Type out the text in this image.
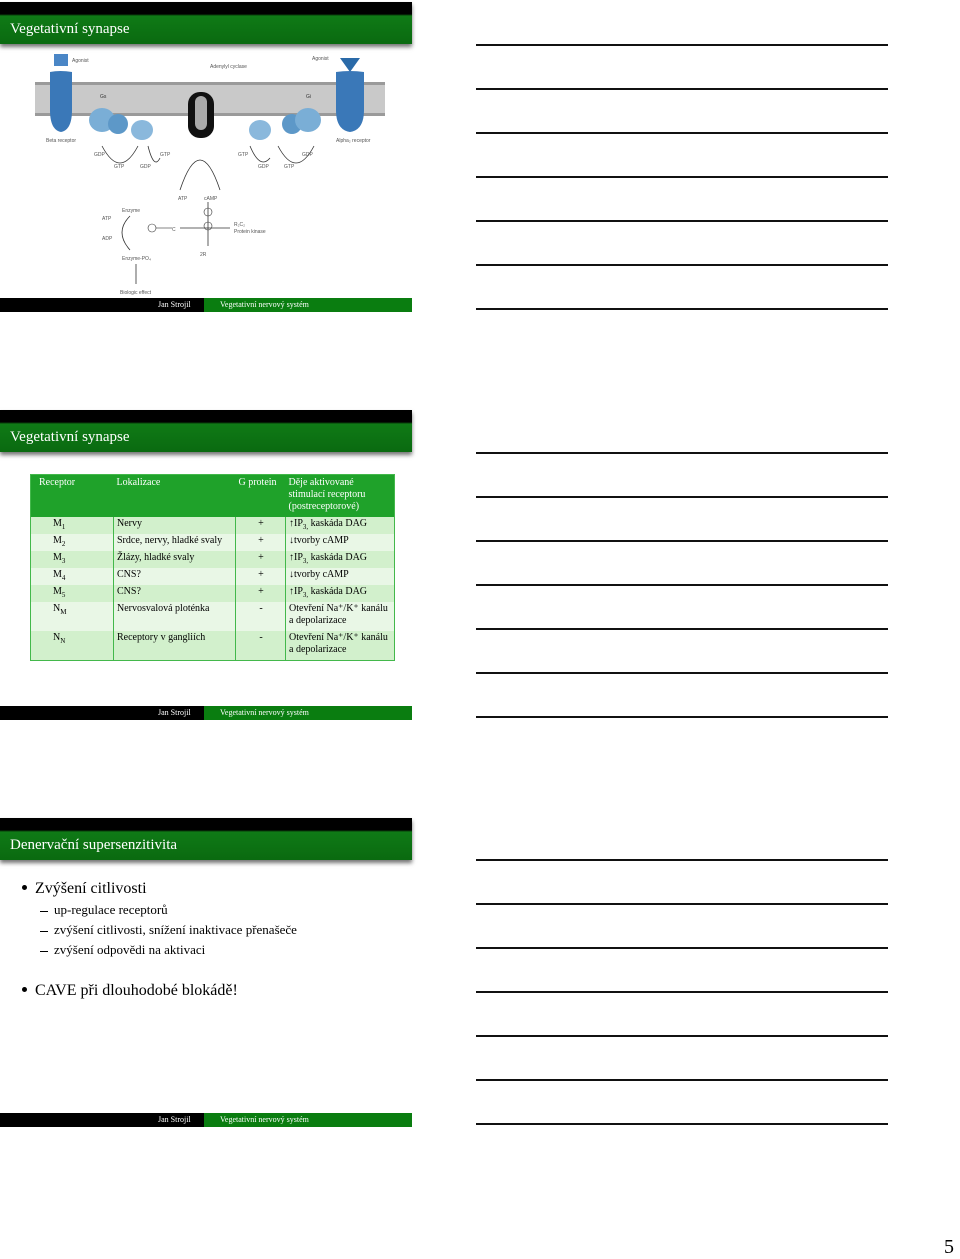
Vegetativní synapse
Agonist
Beta receptor
Gs
Adenylyl cyclase
Gi
Agonist
Alpha₂ receptor
GDP
GTP	GDP
GTP	GTP
GDP	GTP
GDP
ATP	cAMP
C
R₂C₂
Protein kinase
2R
Enzyme
ATP
ADP
Enzyme-PO₄
Biologic effect
Jan Strojil	Vegetativní nervový systém
Vegetativní synapse
Receptor	Lokalizace	G protein	Děje aktivované stimulací receptoru (postreceptorové)
$M_1$	Nervy	+	$↑IP_{3,}$ kaskáda DAG
$M_2$	Srdce, nervy, hladké svaly	+	↓tvorby cAMP
$M_3$	Žlázy, hladké svaly	+	$↑IP_{3,}$ kaskáda DAG
$M_4$	CNS?	+	↓tvorby cAMP
$M_5$	CNS?	+	$↑IP_{3,}$ kaskáda DAG
$N_M$	Nervosvalová ploténka	-	Otevření Na⁺/K⁺ kanálu a depolarizace
$N_N$	Receptory v gangliích	-	Otevření Na⁺/K⁺ kanálu a depolarizace
Jan Strojil	Vegetativní nervový systém
Denervační supersenzitivita
Zvýšení citlivosti
up-regulace receptorů
zvýšení citlivosti, snížení inaktivace přenašeče
zvýšení odpovědi na aktivaci
CAVE při dlouhodobé blokádě!
Jan Strojil	Vegetativní nervový systém
5
